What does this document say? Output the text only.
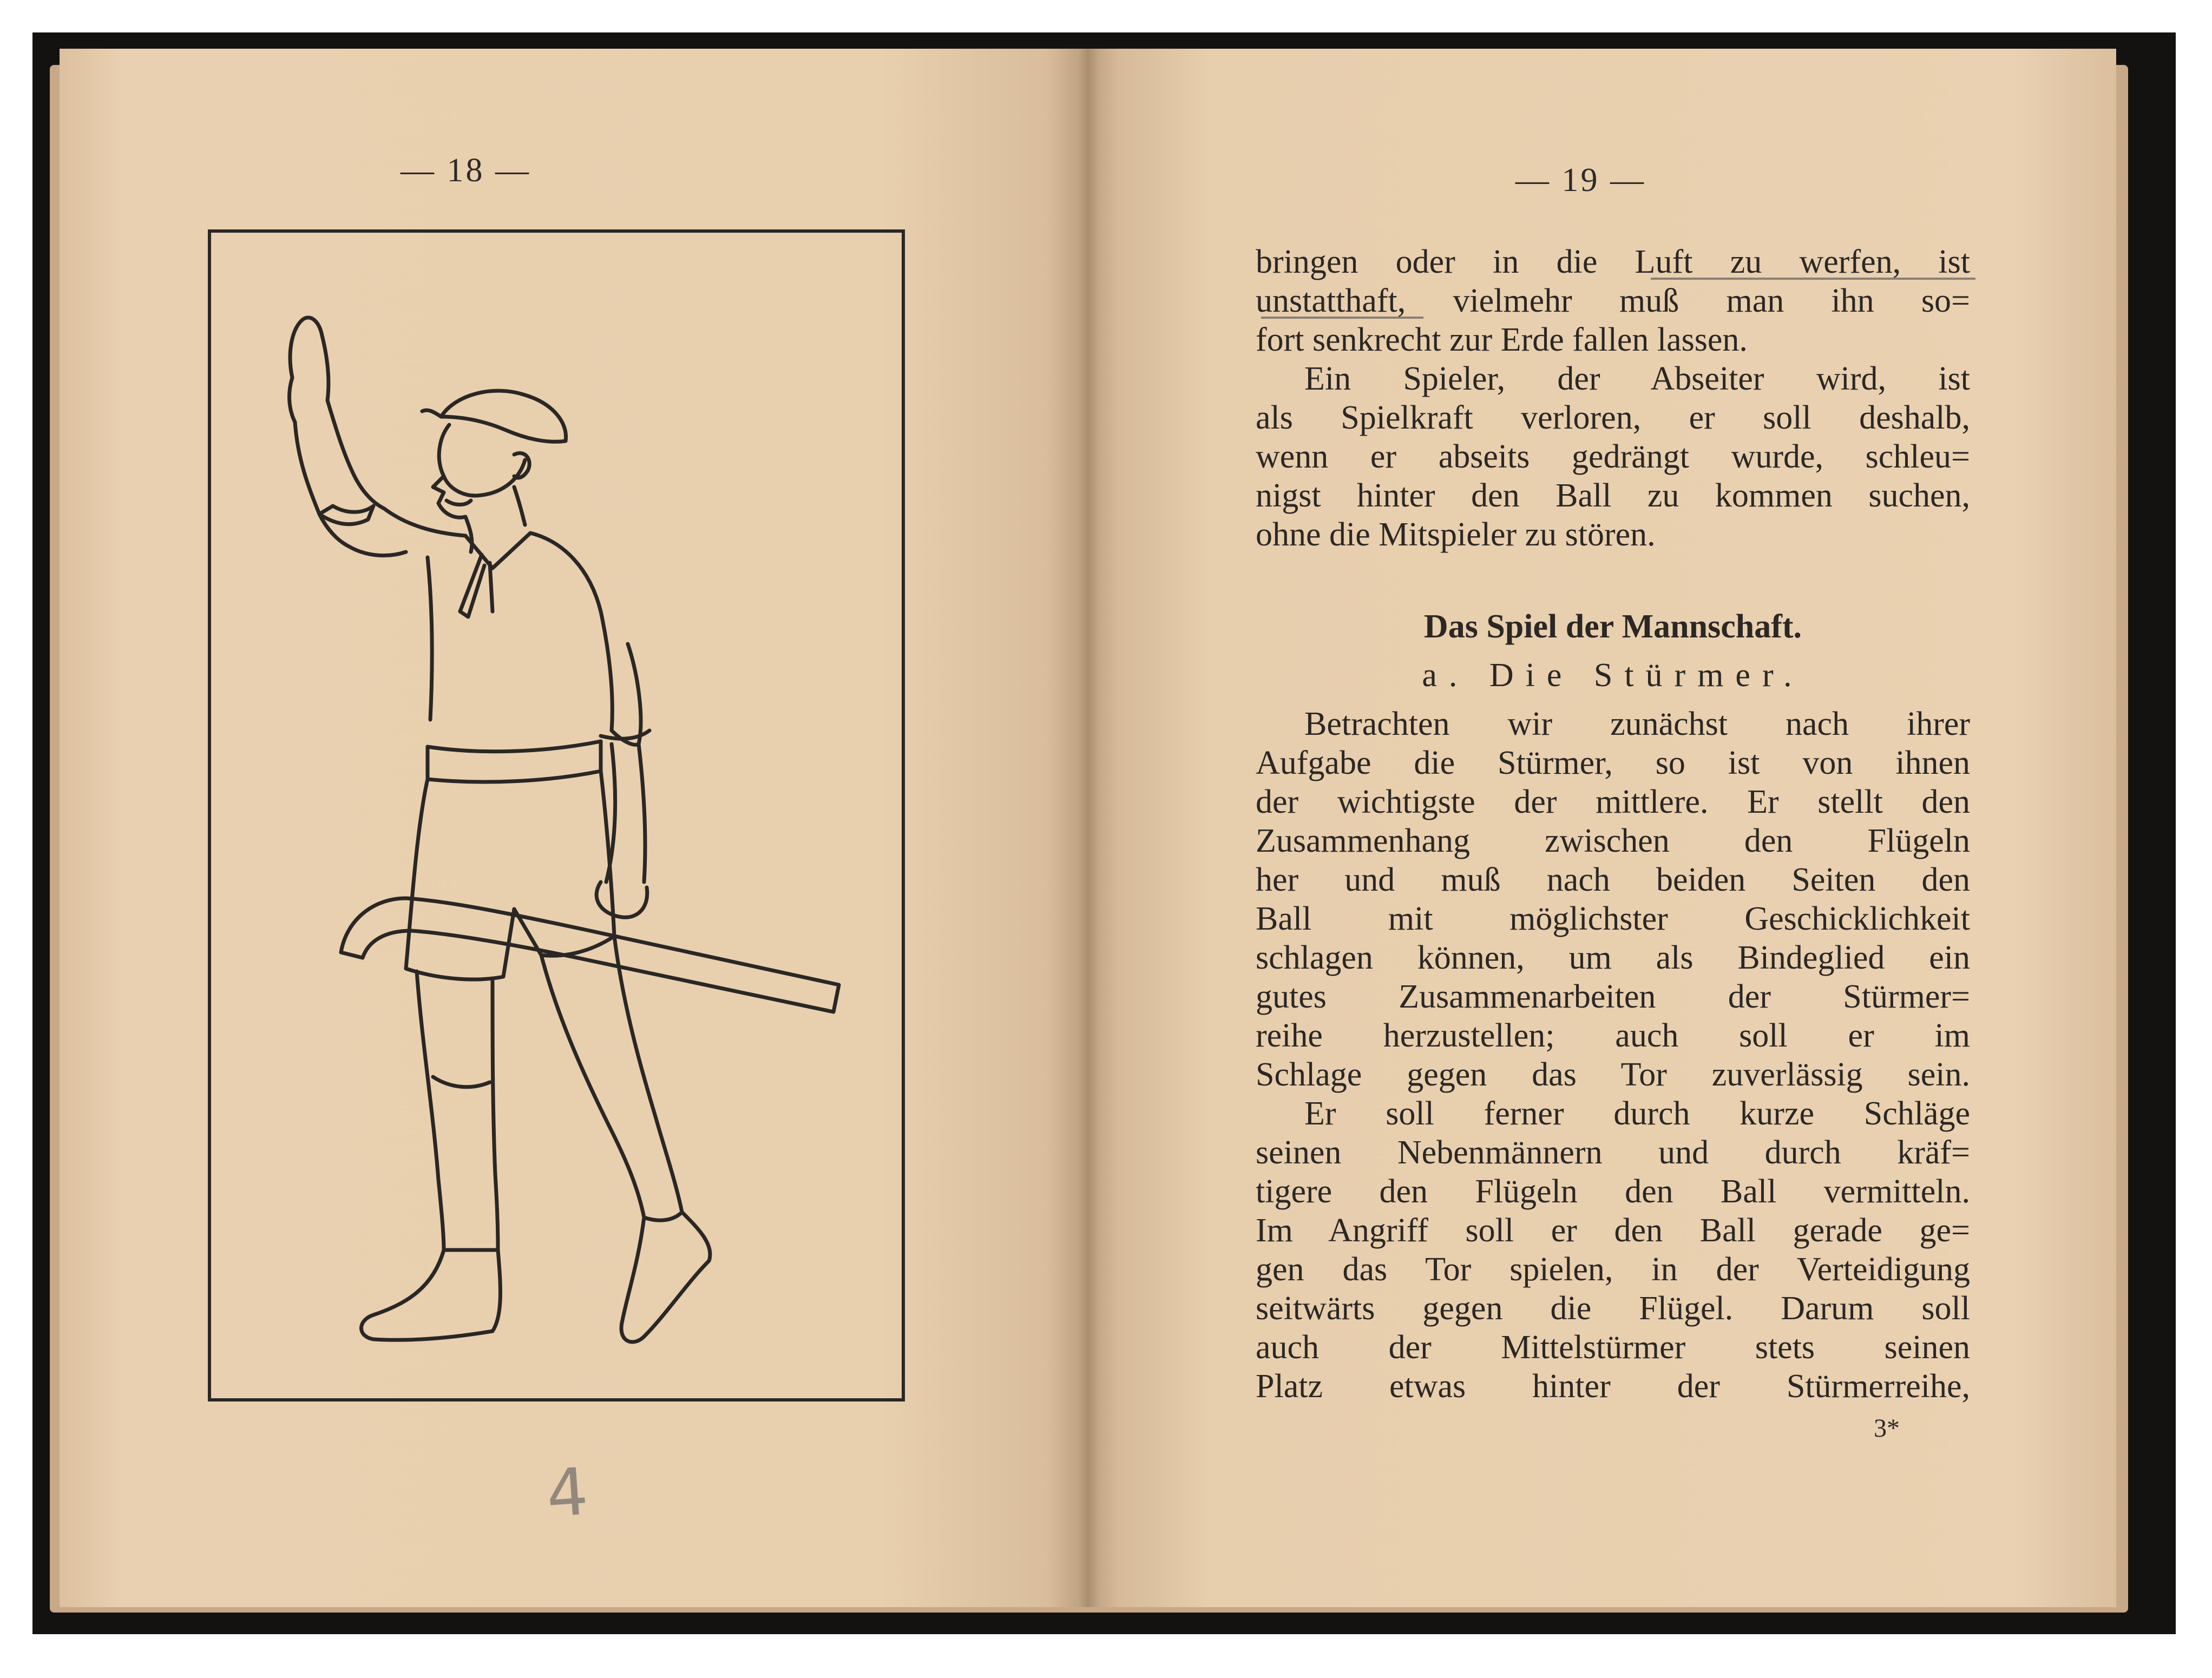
— 18 —
4
— 19 —
bringen oder in die Luft zu werfen, ist
unstatthaft, vielmehr muß man ihn so=
fort senkrecht zur Erde fallen lassen.
Ein Spieler, der Abseiter wird, ist
als Spielkraft verloren, er soll deshalb,
wenn er abseits gedrängt wurde, schleu=
nigst hinter den Ball zu kommen suchen,
ohne die Mitspieler zu stören.
Das Spiel der Mannschaft.
a. Die Stürmer.
Betrachten wir zunächst nach ihrer
Aufgabe die Stürmer, so ist von ihnen
der wichtigste der mittlere. Er stellt den
Zusammenhang zwischen den Flügeln
her und muß nach beiden Seiten den
Ball mit möglichster Geschicklichkeit
schlagen können, um als Bindeglied ein
gutes Zusammenarbeiten der Stürmer=
reihe herzustellen; auch soll er im
Schlage gegen das Tor zuverlässig sein.
Er soll ferner durch kurze Schläge
seinen Nebenmännern und durch kräf=
tigere den Flügeln den Ball vermitteln.
Im Angriff soll er den Ball gerade ge=
gen das Tor spielen, in der Verteidigung
seitwärts gegen die Flügel. Darum soll
auch der Mittelstürmer stets seinen
Platz etwas hinter der Stürmerreihe,
3*
